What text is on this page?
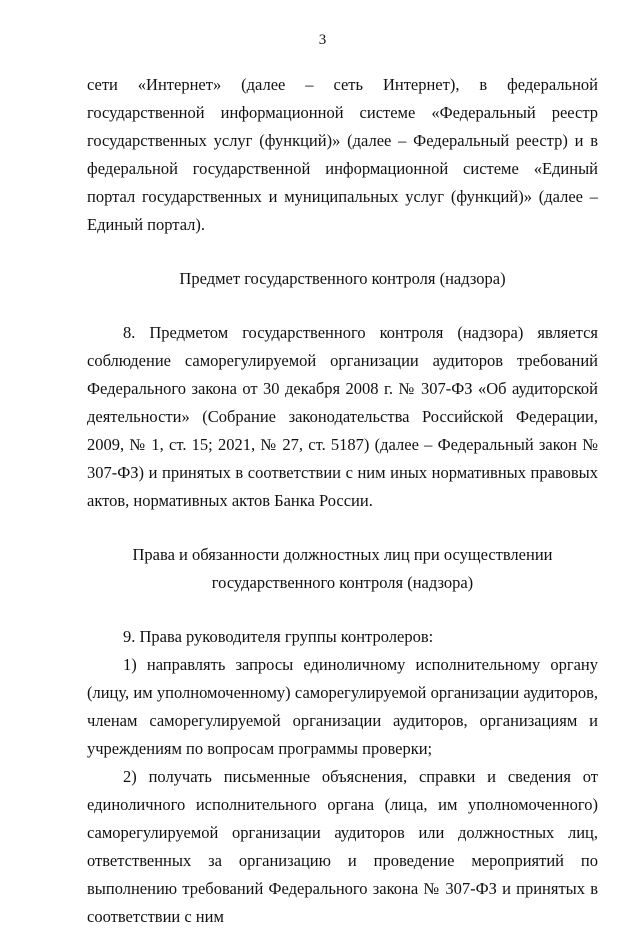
3

сети «Интернет» (далее – сеть Интернет), в федеральной государственной информационной системе «Федеральный реестр государственных услуг (функций)» (далее – Федеральный реестр) и в федеральной государственной информационной системе «Единый портал государственных и муниципальных услуг (функций)» (далее – Единый портал).

Предмет государственного контроля (надзора)

8. Предметом государственного контроля (надзора) является соблюдение саморегулируемой организации аудиторов требований Федерального закона от 30 декабря 2008 г. № 307-ФЗ «Об аудиторской деятельности» (Собрание законодательства Российской Федерации, 2009, № 1, ст. 15; 2021, № 27, ст. 5187) (далее – Федеральный закон № 307-ФЗ) и принятых в соответствии с ним иных нормативных правовых актов, нормативных актов Банка России.

Права и обязанности должностных лиц при осуществлении

государственного контроля (надзора)

9. Права руководителя группы контролеров:

1) направлять запросы единоличному исполнительному органу (лицу, им уполномоченному) саморегулируемой организации аудиторов, членам саморегулируемой организации аудиторов, организациям и учреждениям по вопросам программы проверки;

2) получать письменные объяснения, справки и сведения от единоличного исполнительного органа (лица, им уполномоченного) саморегулируемой организации аудиторов или должностных лиц, ответственных за организацию и проведение мероприятий по выполнению требований Федерального закона № 307-ФЗ и принятых в соответствии с ним
